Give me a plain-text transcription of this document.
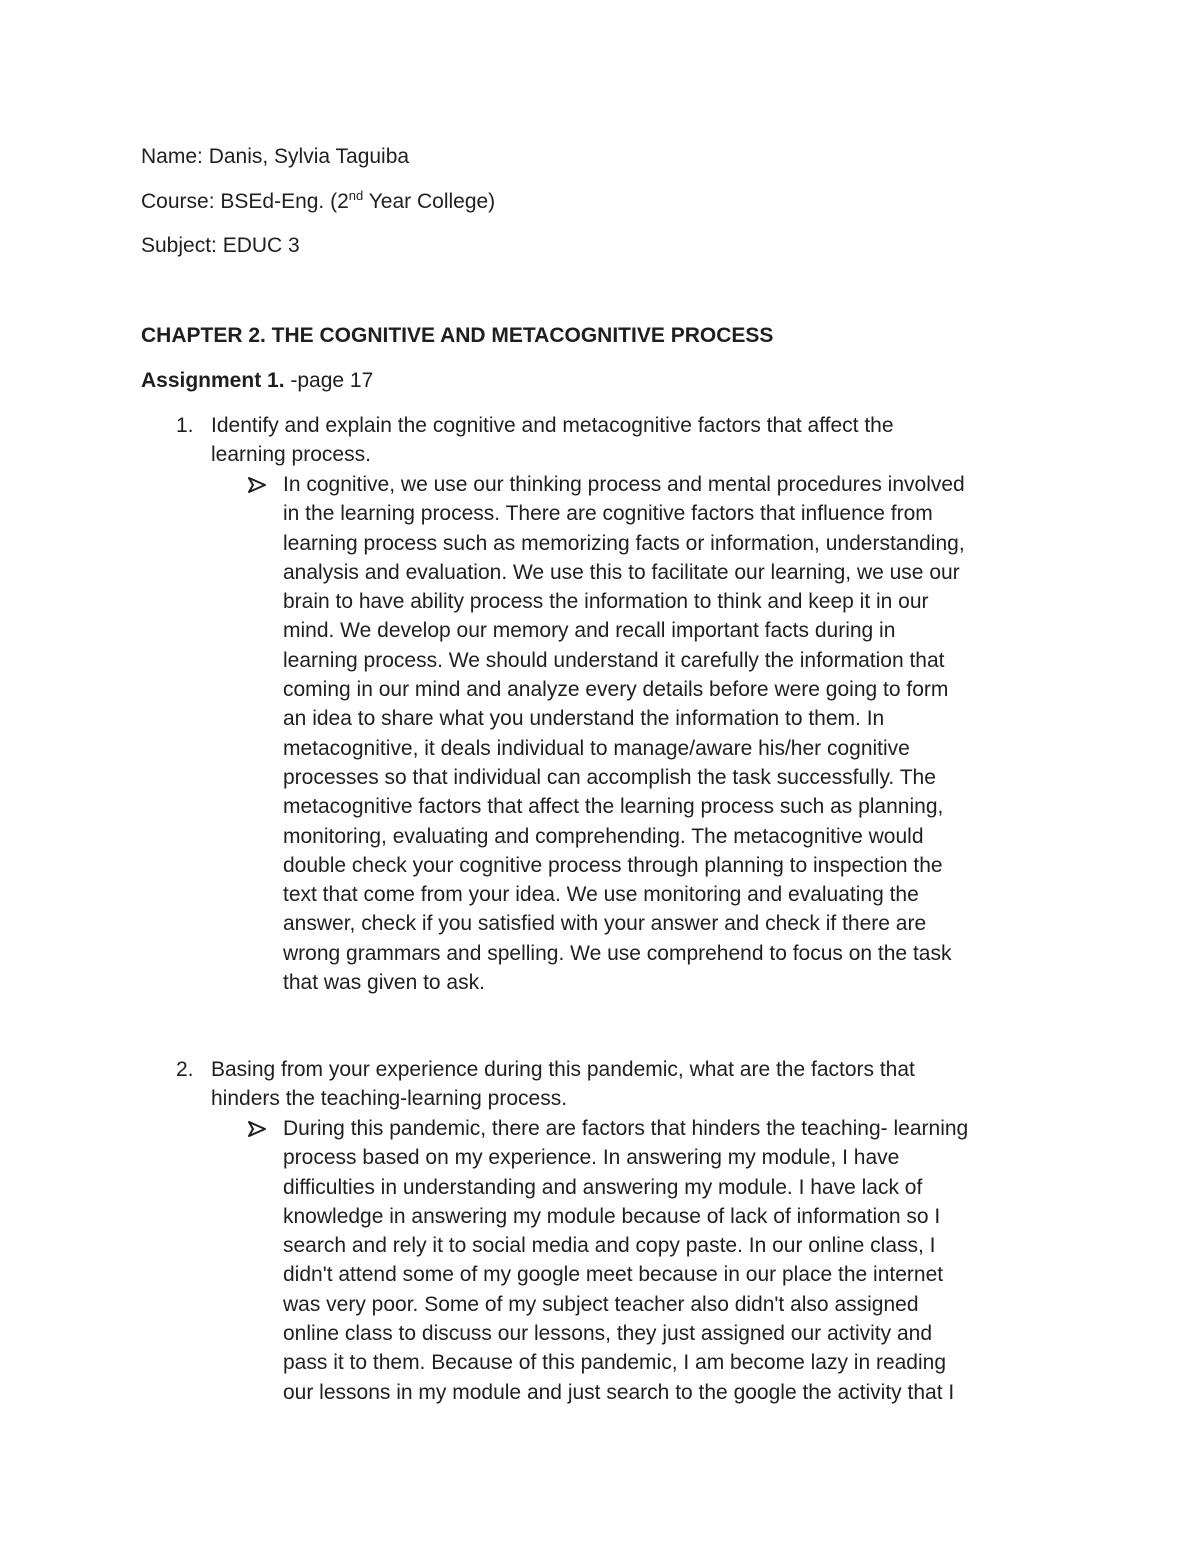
Name: Danis, Sylvia Taguiba
Course: BSEd-Eng. (2nd Year College)
Subject: EDUC 3
CHAPTER 2. THE COGNITIVE AND METACOGNITIVE PROCESS
Assignment 1. -page 17
1. Identify and explain the cognitive and metacognitive factors that affect the
learning process.
In cognitive, we use our thinking process and mental procedures involved
in the learning process. There are cognitive factors that influence from
learning process such as memorizing facts or information, understanding,
analysis and evaluation. We use this to facilitate our learning, we use our
brain to have ability process the information to think and keep it in our
mind. We develop our memory and recall important facts during in
learning process. We should understand it carefully the information that
coming in our mind and analyze every details before were going to form
an idea to share what you understand the information to them. In
metacognitive, it deals individual to manage/aware his/her cognitive
processes so that individual can accomplish the task successfully. The
metacognitive factors that affect the learning process such as planning,
monitoring, evaluating and comprehending. The metacognitive would
double check your cognitive process through planning to inspection the
text that come from your idea. We use monitoring and evaluating the
answer, check if you satisfied with your answer and check if there are
wrong grammars and spelling. We use comprehend to focus on the task
that was given to ask.
2. Basing from your experience during this pandemic, what are the factors that
hinders the teaching-learning process.
During this pandemic, there are factors that hinders the teaching- learning
process based on my experience. In answering my module, I have
difficulties in understanding and answering my module. I have lack of
knowledge in answering my module because of lack of information so I
search and rely it to social media and copy paste. In our online class, I
didn't attend some of my google meet because in our place the internet
was very poor. Some of my subject teacher also didn't also assigned
online class to discuss our lessons, they just assigned our activity and
pass it to them. Because of this pandemic, I am become lazy in reading
our lessons in my module and just search to the google the activity that I
